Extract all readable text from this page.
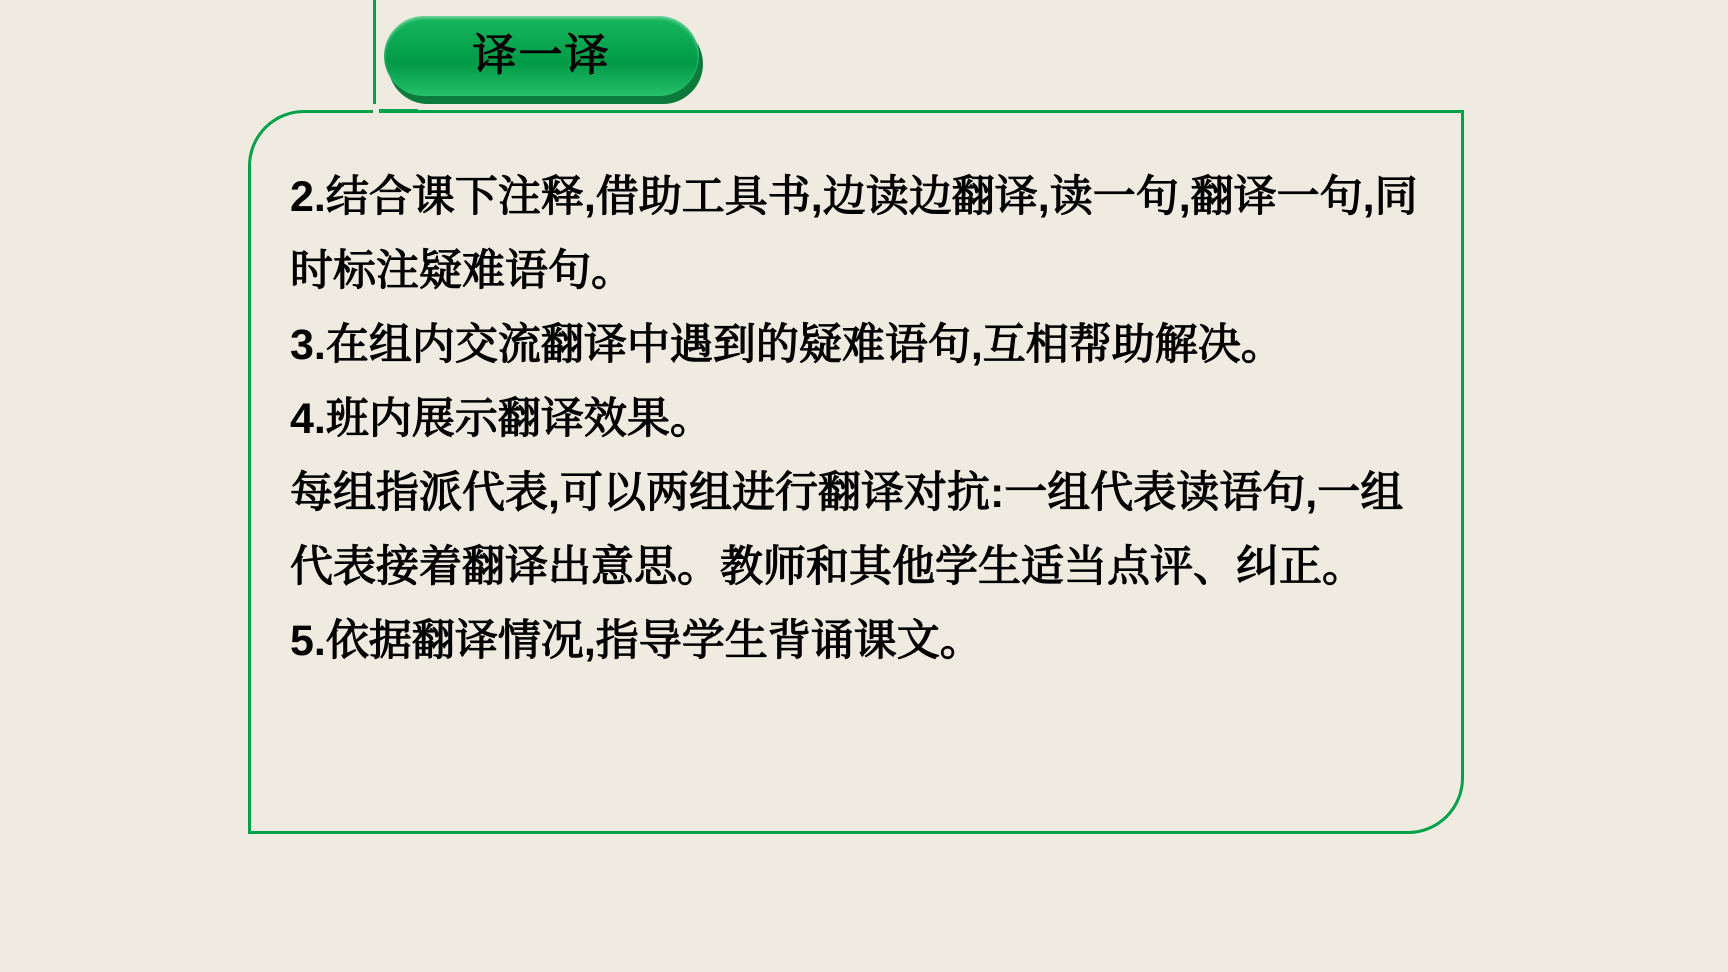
译一译
2.结合课下注释,借助工具书,边读边翻译,读一句,翻译一句,同时标注疑难语句。
3.在组内交流翻译中遇到的疑难语句,互相帮助解决。
4.班内展示翻译效果。
每组指派代表,可以两组进行翻译对抗:一组代表读语句,一组代表接着翻译出意思。教师和其他学生适当点评、纠正。
5.依据翻译情况,指导学生背诵课文。
